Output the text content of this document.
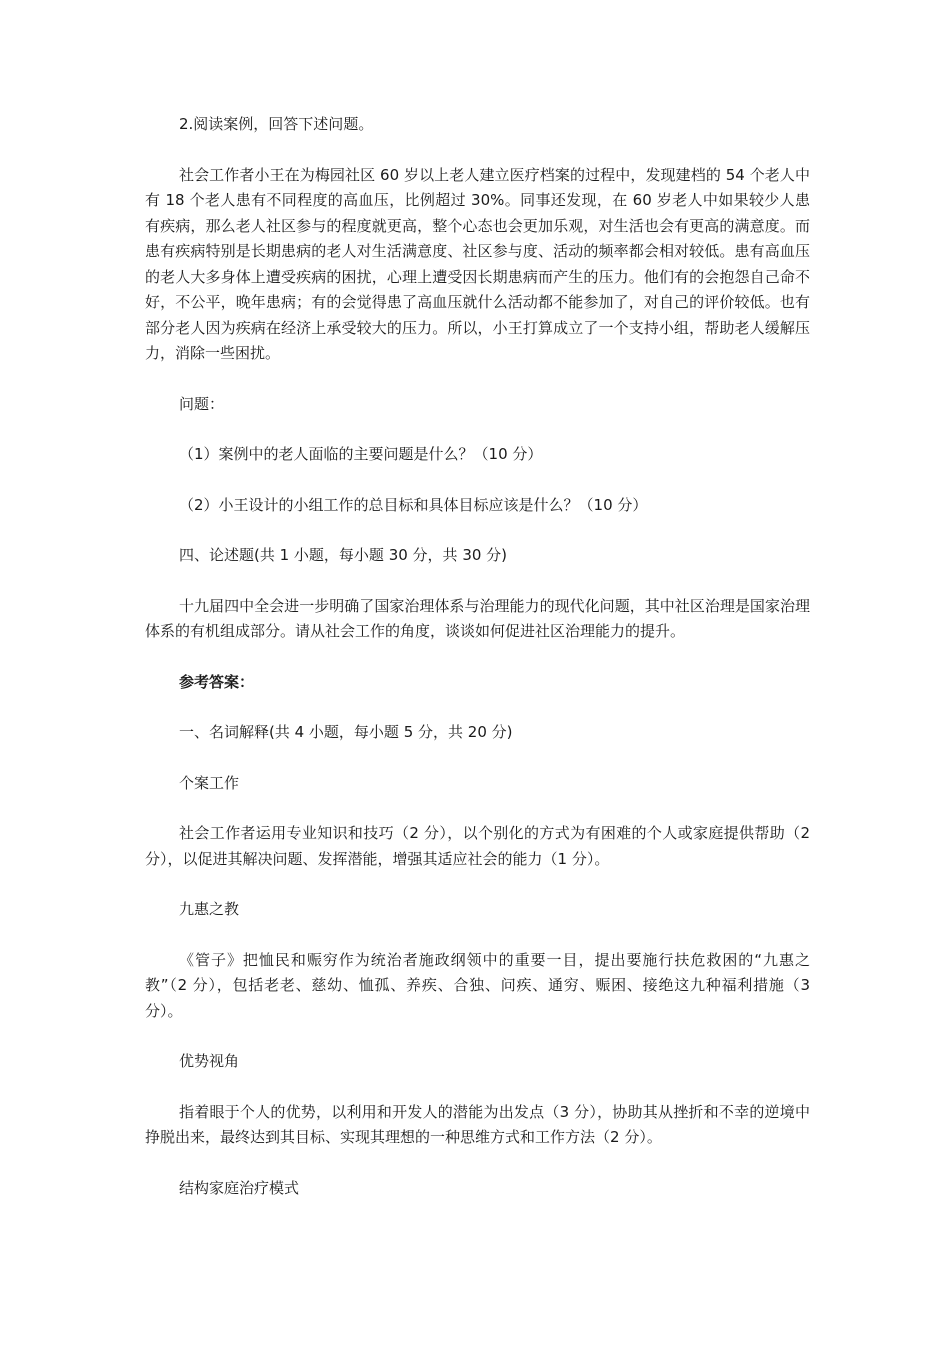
2.阅读案例，回答下述问题。

社会工作者小王在为梅园社区 60 岁以上老人建立医疗档案的过程中，发现建档的 54 个老人中有 18 个老人患有不同程度的高血压，比例超过 30%。同事还发现，在 60 岁老人中如果较少人患有疾病，那么老人社区参与的程度就更高，整个心态也会更加乐观，对生活也会有更高的满意度。而患有疾病特别是长期患病的老人对生活满意度、社区参与度、活动的频率都会相对较低。患有高血压的老人大多身体上遭受疾病的困扰，心理上遭受因长期患病而产生的压力。他们有的会抱怨自己命不好，不公平，晚年患病；有的会觉得患了高血压就什么活动都不能参加了，对自己的评价较低。也有部分老人因为疾病在经济上承受较大的压力。所以，小王打算成立了一个支持小组，帮助老人缓解压力，消除一些困扰。

问题：

（1）案例中的老人面临的主要问题是什么？（10 分）

（2）小王设计的小组工作的总目标和具体目标应该是什么？（10 分）

四、论述题(共 1 小题，每小题 30 分，共 30 分)

十九届四中全会进一步明确了国家治理体系与治理能力的现代化问题，其中社区治理是国家治理体系的有机组成部分。请从社会工作的角度，谈谈如何促进社区治理能力的提升。

参考答案：

一、名词解释(共 4 小题，每小题 5 分，共 20 分)

个案工作

社会工作者运用专业知识和技巧（2 分），以个别化的方式为有困难的个人或家庭提供帮助（2 分），以促进其解决问题、发挥潜能，增强其适应社会的能力（1 分）。

九惠之教

《管子》把恤民和赈穷作为统治者施政纲领中的重要一目，提出要施行扶危救困的“九惠之教”（2 分），包括老老、慈幼、恤孤、养疾、合独、问疾、通穷、赈困、接绝这九种福利措施（3 分）。

优势视角

指着眼于个人的优势，以利用和开发人的潜能为出发点（3 分），协助其从挫折和不幸的逆境中挣脱出来，最终达到其目标、实现其理想的一种思维方式和工作方法（2 分）。

结构家庭治疗模式
